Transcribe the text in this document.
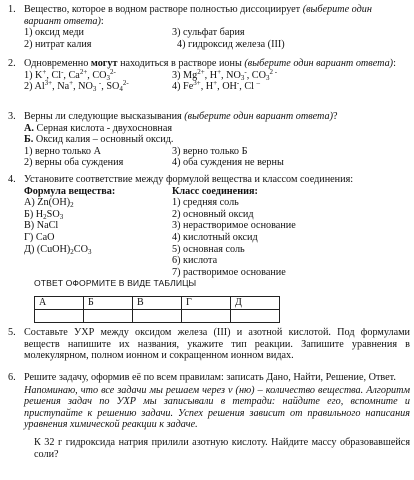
1. Вещество, которое в водном растворе полностью диссоциирует (выберите один вариант ответа):
1) оксид меди	3) сульфат бария
2) нитрат калия	4) гидроксид железа (III)
2. Одновременно могут находиться в растворе ионы (выберите один вариант ответа):
1) K+, Cl-, $Ca^{2+}$, $CO_3^{2-}$	3) $Mg^{2+}$, H+, $NO_3^-$, $CO_3^{2 -}$
2) $Al^{3+}$, Na+, $NO_3$ -, $SO_4^{2-}$	4) $Fe^{3+}$, H+, OH-, Cl –
3. Верны ли следующие высказывания (выберите один вариант ответа)?
А. Серная кислота - двухосновная
Б. Оксид калия – основный оксид.
1) верно только А	3) верно только Б
2) верны оба суждения	4) оба суждения не верны
4. Установите соответствие между формулой вещества и классом соединения:
Формула вещества:
А) $Zn(OH)_2$
Б) $H_2SO_3$
В) NaCl
Г) CaO
Д) $(CuOH)_2CO_3$
Класс соединения:
1) средняя соль
2) основный оксид
3) нерастворимое основание
4) кислотный оксид
5) основная соль
6) кислота
7) растворимое основание
ОТВЕТ ОФОРМИТЕ В ВИДЕ ТАБЛИЦЫ
А	Б	В	Г	Д

5. Составьте УХР между оксидом железа (III) и азотной кислотой. Под формулами веществ напишите их названия, укажите тип реакции. Запишите уравнения в молекулярном, полном ионном и сокращенном ионном видах.
6. Решите задачу, оформив её по всем правилам: записать Дано, Найти, Решение, Ответ.
Напоминаю, что все задачи мы решаем через ν (ню) – количество вещества. Алгоритм решения задач по УХР мы записывали в тетради: найдите его, вспомните и приступайте к решению задачи. Успех решения зависит от правильного написания уравнения химической реакции к задаче.
К 32 г гидроксида натрия прилили азотную кислоту. Найдите массу образовавшейся соли?
